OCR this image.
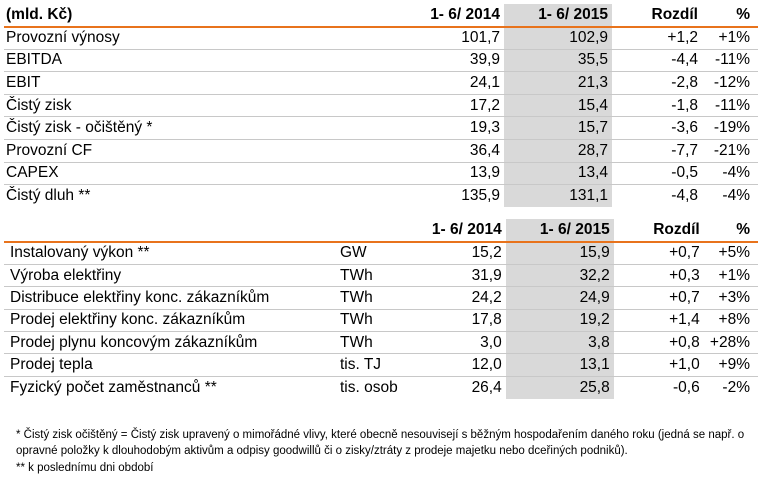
(mld. Kč)	1- 6/ 2014	1- 6/ 2015	Rozdíl	%
Provozní výnosy	101,7	102,9	+1,2	+1%
EBITDA	39,9	35,5	-4,4	-11%
EBIT	24,1	21,3	-2,8	-12%
Čistý zisk	17,2	15,4	-1,8	-11%
Čistý zisk - očištěný *	19,3	15,7	-3,6	-19%
Provozní CF	36,4	28,7	-7,7	-21%
CAPEX	13,9	13,4	-0,5	-4%
Čistý dluh **	135,9	131,1	-4,8	-4%
		1- 6/ 2014	1- 6/ 2015	Rozdíl	%
Instalovaný výkon **	GW	15,2	15,9	+0,7	+5%
Výroba elektřiny	TWh	31,9	32,2	+0,3	+1%
Distribuce elektřiny konc. zákazníkům	TWh	24,2	24,9	+0,7	+3%
Prodej elektřiny konc. zákazníkům	TWh	17,8	19,2	+1,4	+8%
Prodej plynu koncovým zákazníkům	TWh	3,0	3,8	+0,8	+28%
Prodej tepla	tis. TJ	12,0	13,1	+1,0	+9%
Fyzický počet zaměstnanců **	tis. osob	26,4	25,8	-0,6	-2%
* Čistý zisk očištěný = Čistý zisk upravený o mimořádné vlivy, které obecně nesouvisejí s běžným hospodařením daného roku (jedná se např. o opravné položky k dlouhodobým aktivům a odpisy goodwillů či o zisky/ztráty z prodeje majetku nebo dceřiných podniků).
** k poslednímu dni období
